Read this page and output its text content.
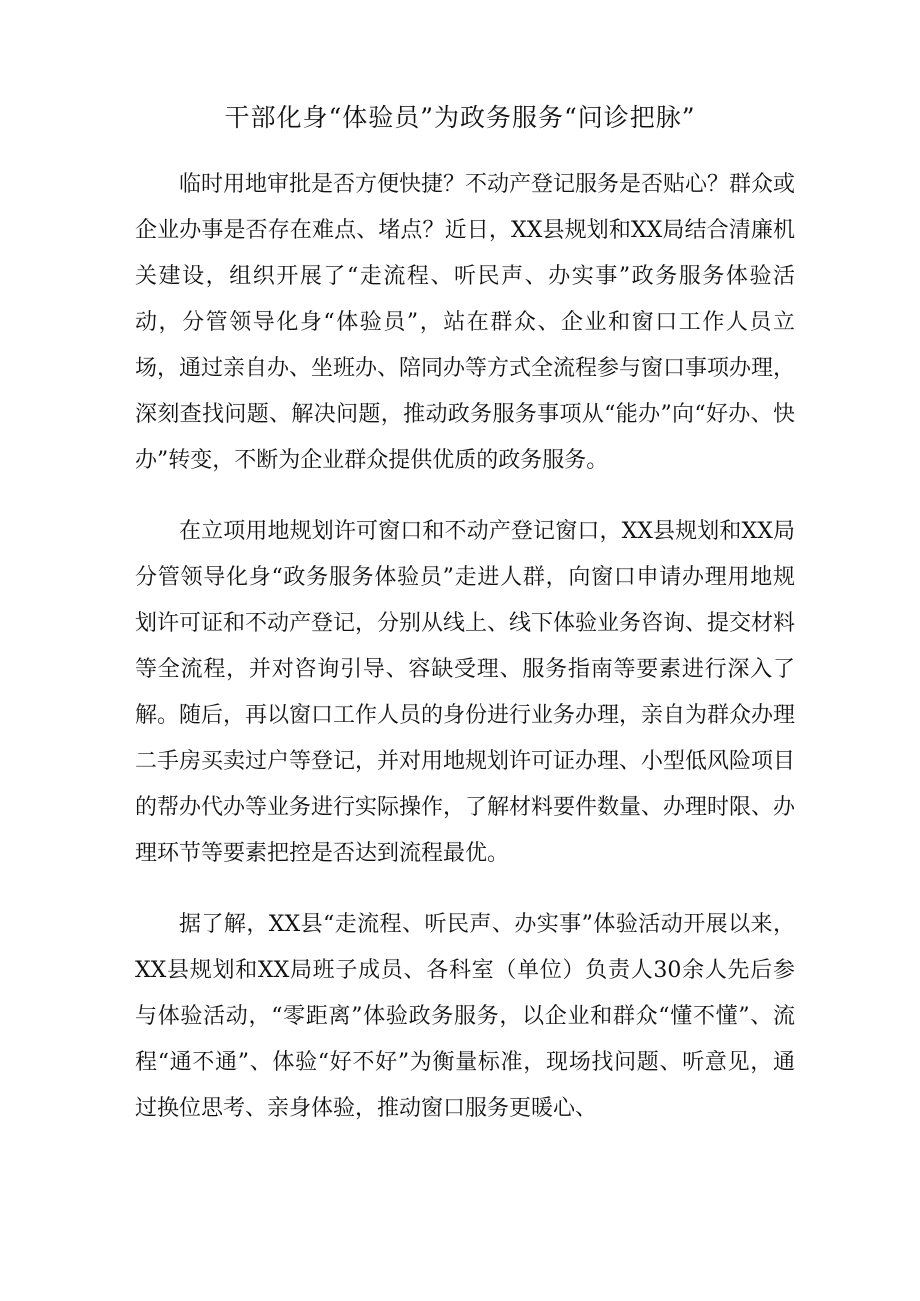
干部化身“体验员”为政务服务“问诊把脉”

临时用地审批是否方便快捷？不动产登记服务是否贴心？群众或企业办事是否存在难点、堵点？近日，XX县规划和XX局结合清廉机关建设，组织开展了“走流程、听民声、办实事”政务服务体验活动，分管领导化身“体验员”，站在群众、企业和窗口工作人员立场，通过亲自办、坐班办、陪同办等方式全流程参与窗口事项办理，深刻查找问题、解决问题，推动政务服务事项从“能办”向“好办、快办”转变，不断为企业群众提供优质的政务服务。

在立项用地规划许可窗口和不动产登记窗口，XX县规划和XX局分管领导化身“政务服务体验员”走进人群，向窗口申请办理用地规划许可证和不动产登记，分别从线上、线下体验业务咨询、提交材料等全流程，并对咨询引导、容缺受理、服务指南等要素进行深入了解。随后，再以窗口工作人员的身份进行业务办理，亲自为群众办理二手房买卖过户等登记，并对用地规划许可证办理、小型低风险项目的帮办代办等业务进行实际操作，了解材料要件数量、办理时限、办理环节等要素把控是否达到流程最优。

据了解，XX县“走流程、听民声、办实事”体验活动开展以来，XX县规划和XX局班子成员、各科室（单位）负责人30余人先后参与体验活动，“零距离”体验政务服务，以企业和群众“懂不懂”、流程“通不通”、体验“好不好”为衡量标准，现场找问题、听意见，通过换位思考、亲身体验，推动窗口服务更暖心、
